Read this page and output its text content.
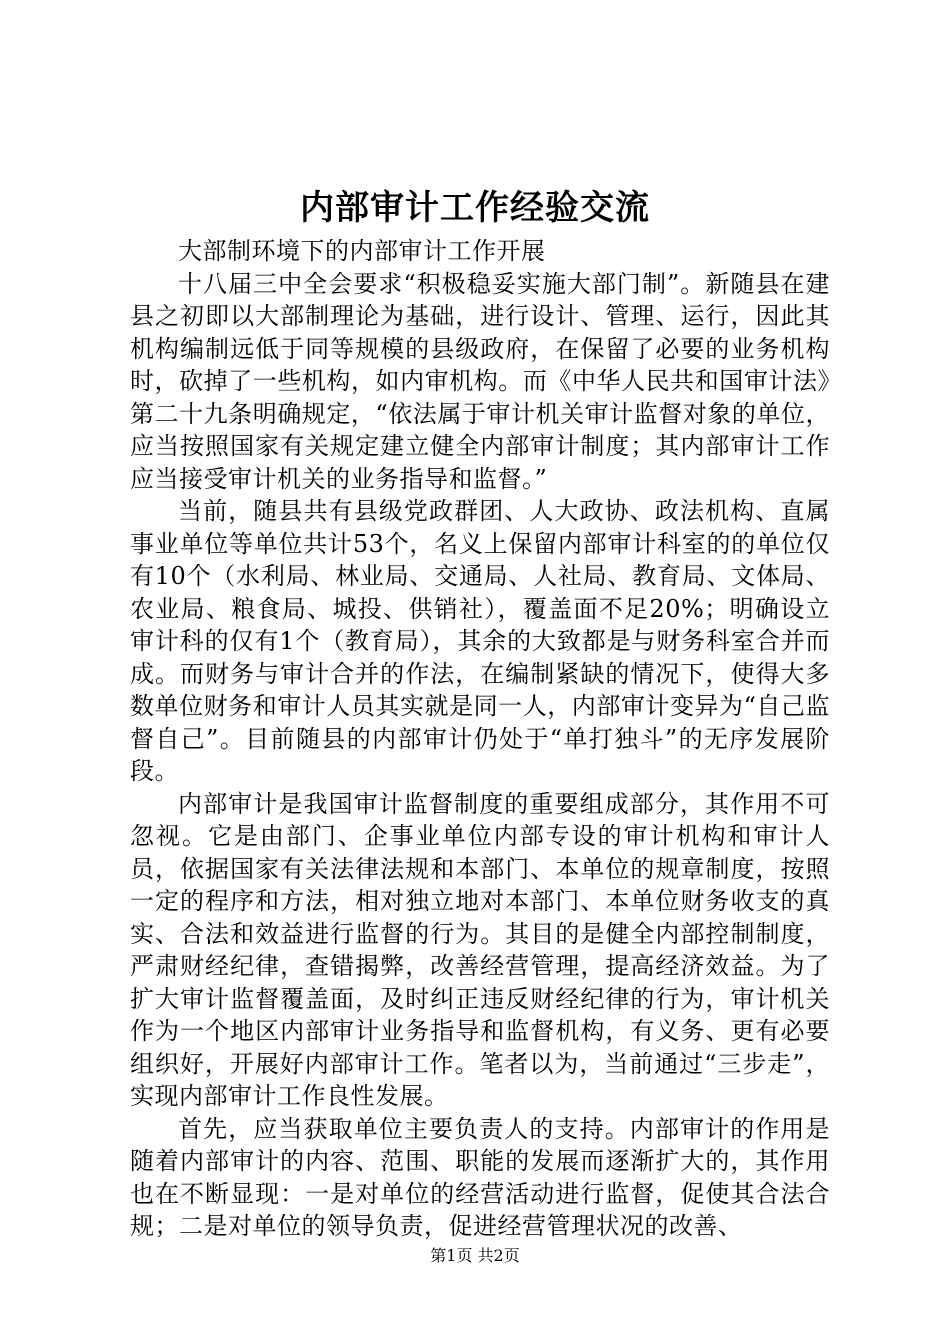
内部审计工作经验交流

大部制环境下的内部审计工作开展

十八届三中全会要求“积极稳妥实施大部门制”。新随县在建县之初即以大部制理论为基础，进行设计、管理、运行，因此其机构编制远低于同等规模的县级政府，在保留了必要的业务机构时，砍掉了一些机构，如内审机构。而《中华人民共和国审计法》第二十九条明确规定，“依法属于审计机关审计监督对象的单位，应当按照国家有关规定建立健全内部审计制度；其内部审计工作应当接受审计机关的业务指导和监督。”

当前，随县共有县级党政群团、人大政协、政法机构、直属事业单位等单位共计53个，名义上保留内部审计科室的的单位仅有10个（水利局、林业局、交通局、人社局、教育局、文体局、农业局、粮食局、城投、供销社），覆盖面不足20%；明确设立审计科的仅有1个（教育局），其余的大致都是与财务科室合并而成。而财务与审计合并的作法，在编制紧缺的情况下，使得大多数单位财务和审计人员其实就是同一人，内部审计变异为“自己监督自己”。目前随县的内部审计仍处于“单打独斗”的无序发展阶段。

内部审计是我国审计监督制度的重要组成部分，其作用不可忽视。它是由部门、企事业单位内部专设的审计机构和审计人员，依据国家有关法律法规和本部门、本单位的规章制度，按照一定的程序和方法，相对独立地对本部门、本单位财务收支的真实、合法和效益进行监督的行为。其目的是健全内部控制制度，严肃财经纪律，查错揭弊，改善经营管理，提高经济效益。为了扩大审计监督覆盖面，及时纠正违反财经纪律的行为，审计机关作为一个地区内部审计业务指导和监督机构，有义务、更有必要组织好，开展好内部审计工作。笔者以为，当前通过“三步走”，实现内部审计工作良性发展。

首先，应当获取单位主要负责人的支持。内部审计的作用是随着内部审计的内容、范围、职能的发展而逐渐扩大的，其作用也在不断显现：一是对单位的经营活动进行监督，促使其合法合规；二是对单位的领导负责，促进经营管理状况的改善、

第1页 共2页
